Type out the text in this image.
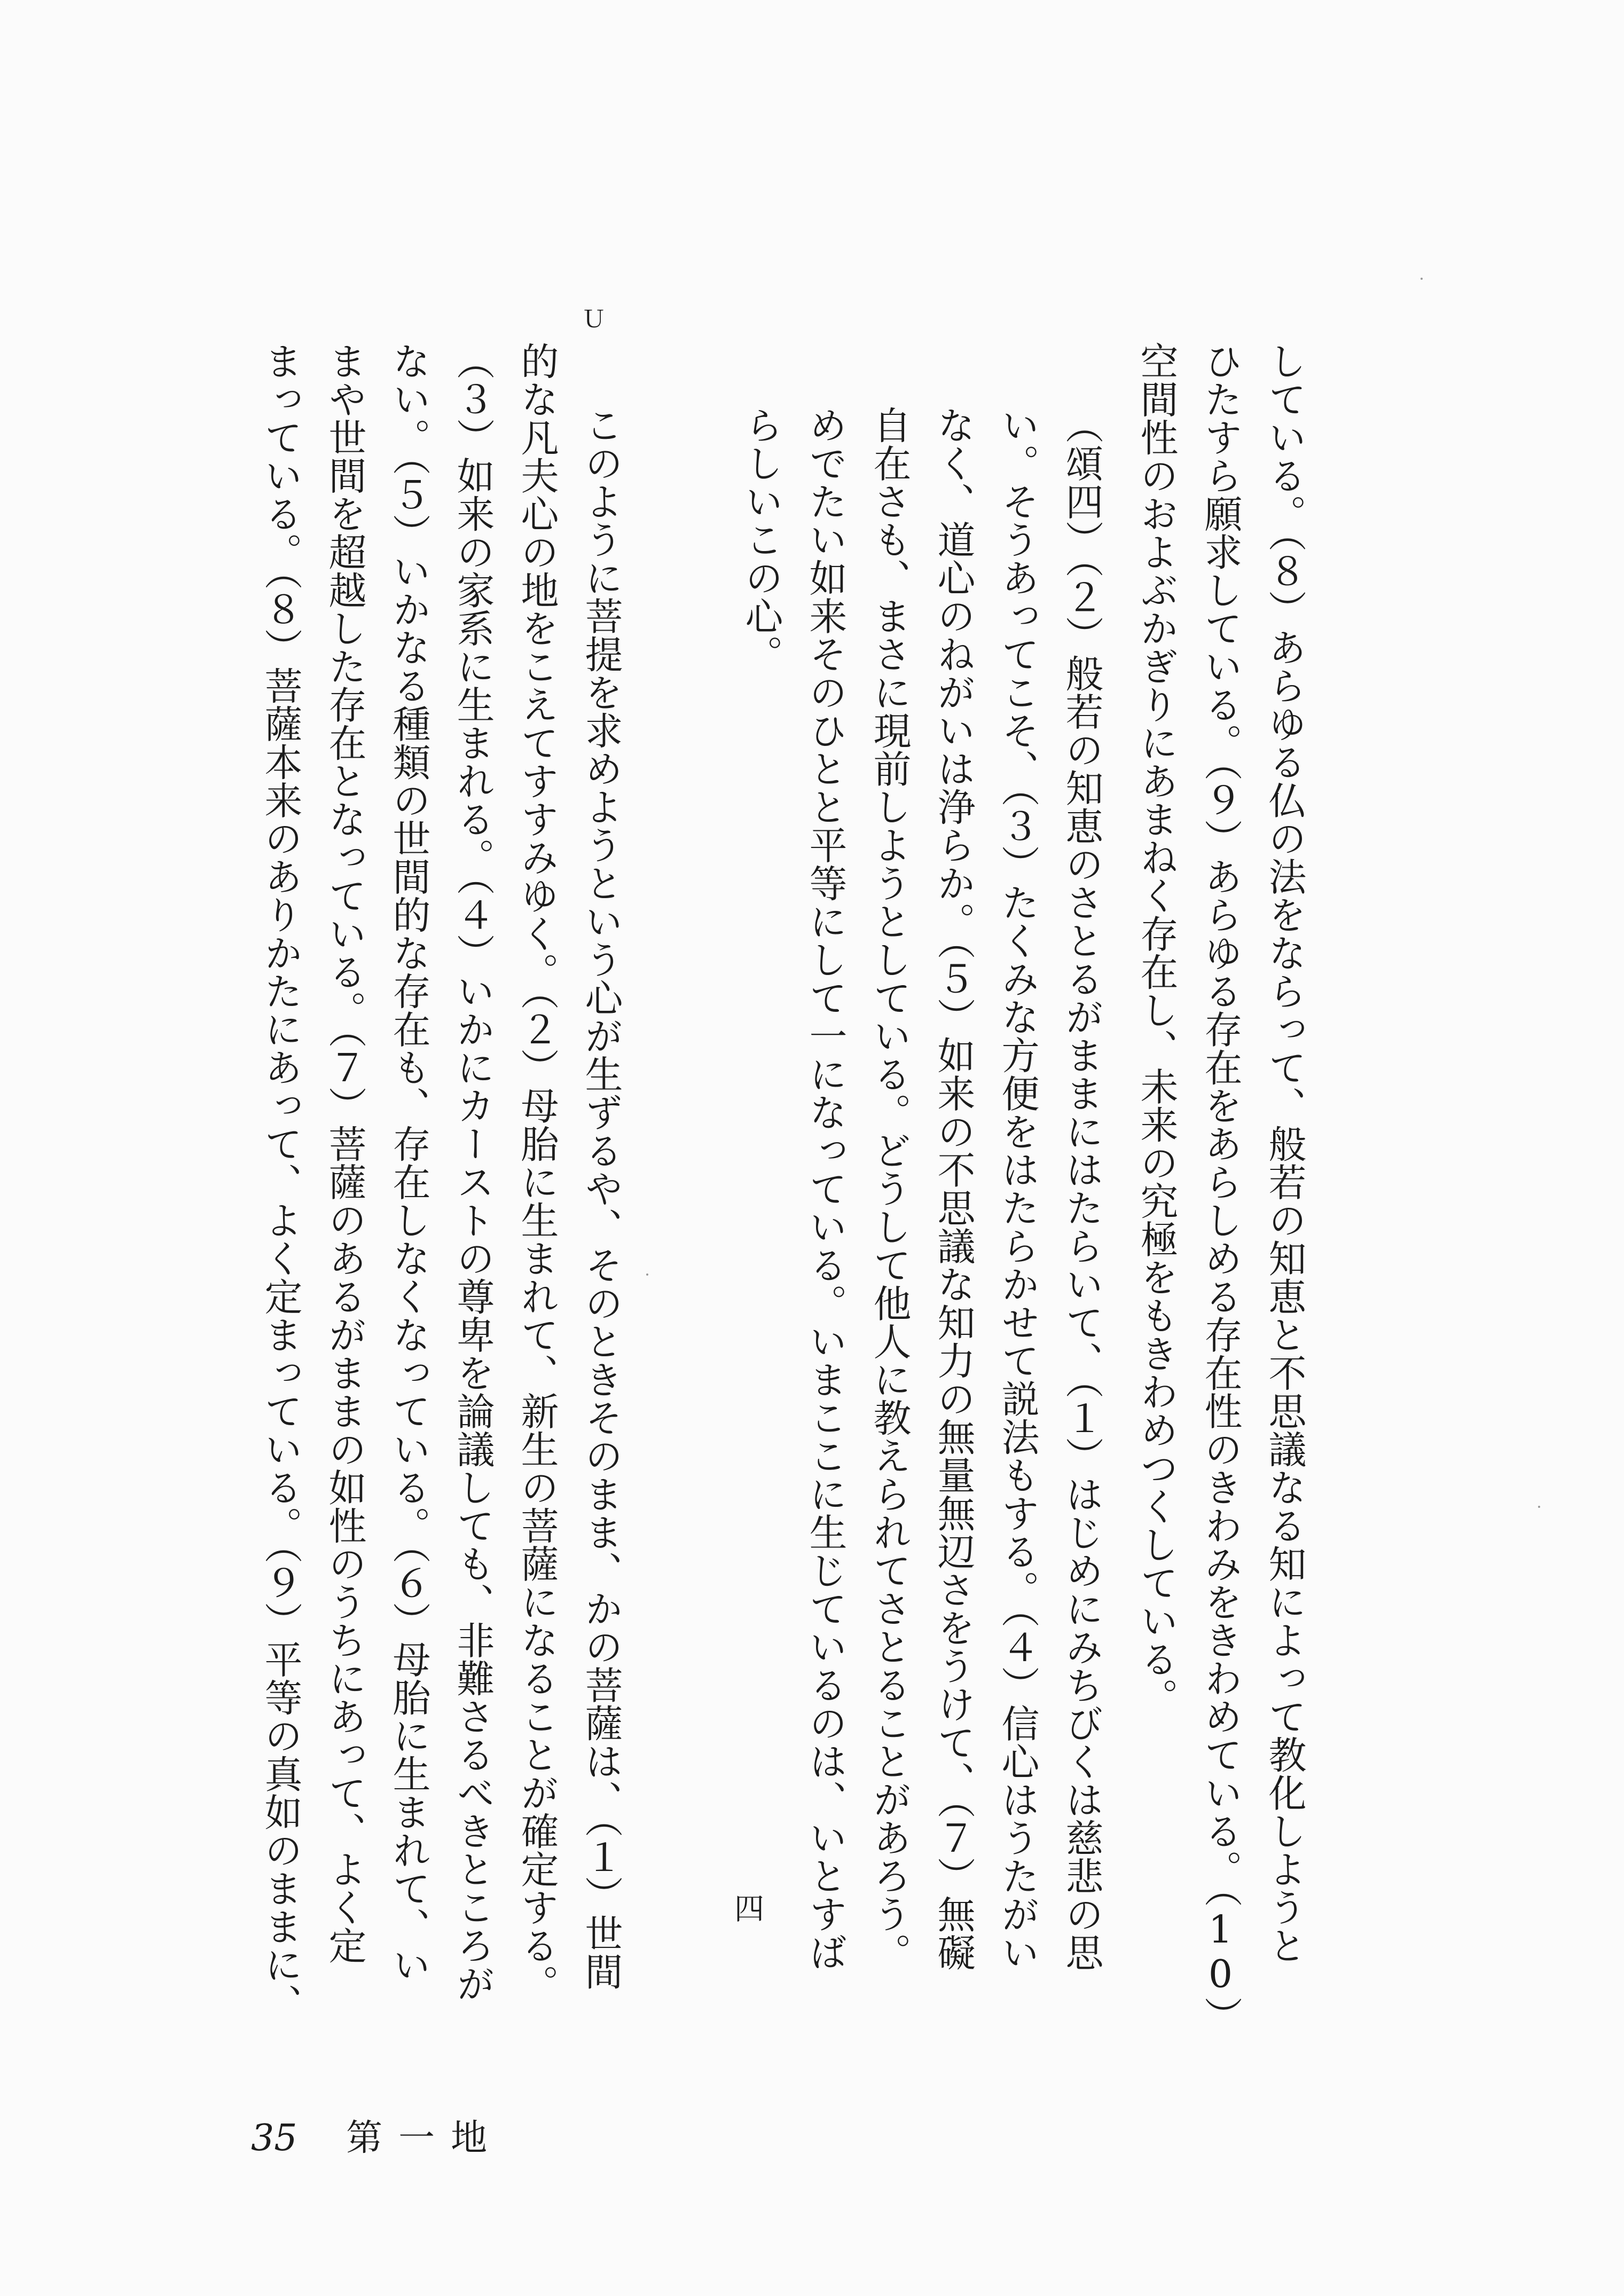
している。（８）あらゆる仏の法をならって、般若の知恵と不思議なる知によって教化しようと
ひたすら願求している。（９）あらゆる存在をあらしめる存在性のきわみをきわめている。（10）
空間性のおよぶかぎりにあまねく存在し、未来の究極をもきわめつくしている。
（頌四）（２）般若の知恵のさとるがままにはたらいて、（１）はじめにみちびくは慈悲の思
い。そうあってこそ、（３）たくみな方便をはたらかせて説法もする。（４）信心はうたがい
なく、道心のねがいは浄らか。（５）如来の不思議な知力の無量無辺さをうけて、（７）無礙
自在さも、まさに現前しようとしている。どうして他人に教えられてさとることがあろう。
めでたい如来そのひとと平等にして一になっている。いまここに生じているのは、いとすば
らしいこの心。
四
Ｕ
このように菩提を求めようという心が生ずるや、そのときそのまま、かの菩薩は、（１）世間
的な凡夫心の地をこえてすすみゆく。（２）母胎に生まれて、新生の菩薩になることが確定する。
（３）如来の家系に生まれる。（４）いかにカーストの尊卑を論議しても、非難さるべきところが
ない。（５）いかなる種類の世間的な存在も、存在しなくなっている。（６）母胎に生まれて、い
まや世間を超越した存在となっている。（７）菩薩のあるがままの如性のうちにあって、よく定
まっている。（８）菩薩本来のありかたにあって、よく定まっている。（９）平等の真如のままに、
35 第一地
